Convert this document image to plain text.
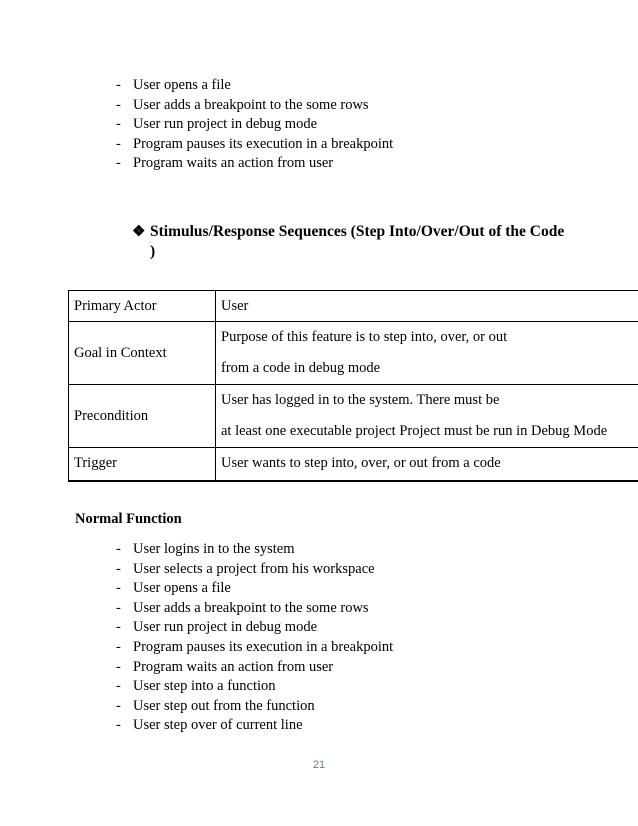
- User opens a file
- User adds a breakpoint to the some rows
- User run project in debug mode
- Program pauses its execution in a breakpoint
- Program waits an action from user
❖ Stimulus/Response Sequences (Step Into/Over/Out of the Code )
Primary Actor	User
Goal in Context	Purpose of this feature is to step into, over, or out
from a code in debug mode

Precondition	User has logged in to the system. There must be
at least one executable project Project must be run in Debug Mode

Trigger	User wants to step into, over, or out from a code
Normal Function
- User logins in to the system
- User selects a project from his workspace
- User opens a file
- User adds a breakpoint to the some rows
- User run project in debug mode
- Program pauses its execution in a breakpoint
- Program waits an action from user
- User step into a function
- User step out from the function
- User step over of current line
21
